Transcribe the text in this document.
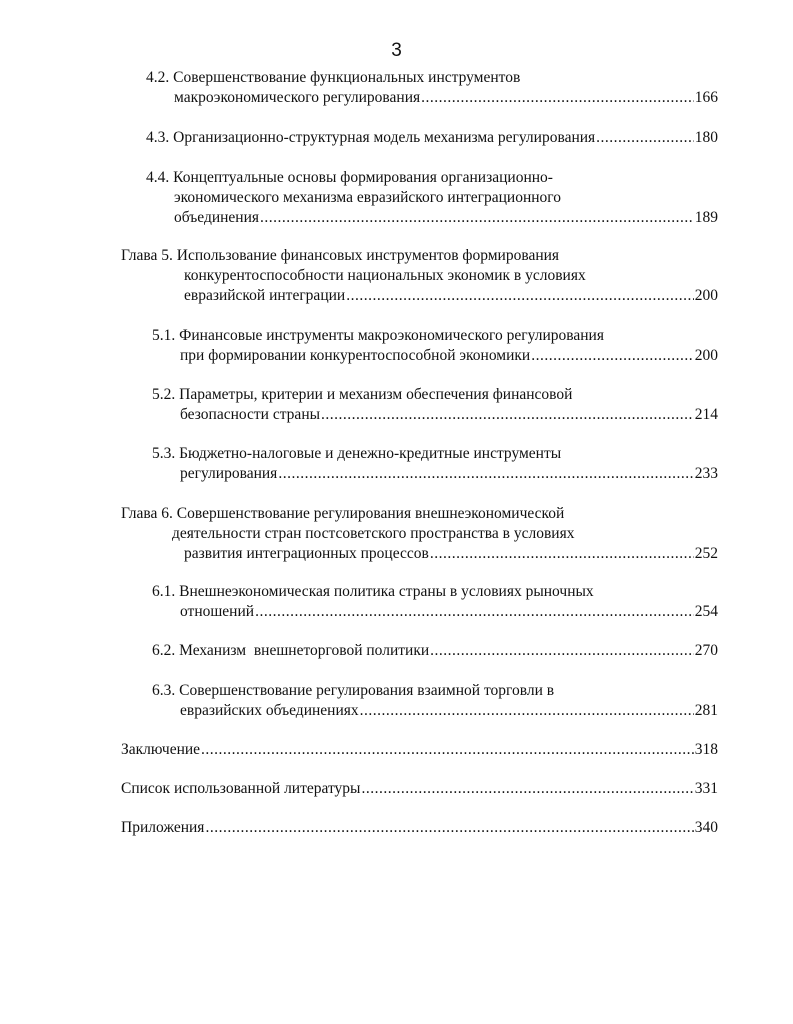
3
4.2. Совершенствование функциональных инструментов
макроэкономического регулирования .....	166
4.3. Организационно-структурная модель механизма регулирования .....	180
4.4. Концептуальные основы формирования организационно-
экономического механизма евразийского интеграционного
объединения .....	189
Глава 5. Использование финансовых инструментов формирования
конкурентоспособности национальных экономик в условиях
евразийской интеграции .....	200
5.1. Финансовые инструменты макроэкономического регулирования
при формировании конкурентоспособной экономики .....	200
5.2. Параметры, критерии и механизм обеспечения финансовой
безопасности страны .....	214
5.3. Бюджетно-налоговые и денежно-кредитные инструменты
регулирования .....	233
Глава 6. Совершенствование регулирования внешнеэкономической
деятельности стран постсоветского пространства в условиях
развития интеграционных процессов .....	252
6.1. Внешнеэкономическая политика страны в условиях рыночных
отношений .....	254
6.2. Механизм  внешнеторговой политики .....	270
6.3. Совершенствование регулирования взаимной торговли в
евразийских объединениях .....	281
Заключение .....	318
Список использованной литературы .....	331
Приложения .....	340
